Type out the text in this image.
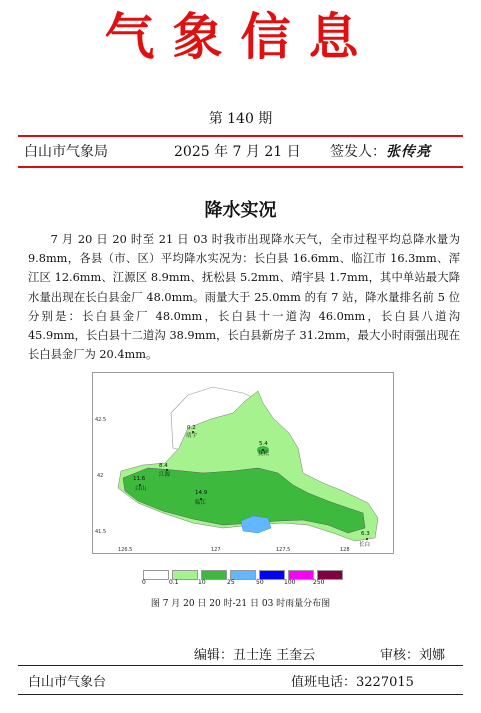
气象信息
第 140 期
白山市气象局	2025 年 7 月 21 日 签发人：张传亮
降水实况
7 月 20 日 20 时至 21 日 03 时我市出现降水天气，全市过程平均总降水量为 9.8mm，各县（市、区）平均降水实况为：长白县 16.6mm、临江市 16.3mm、浑江区 12.6mm、江源区 8.9mm、抚松县 5.2mm、靖宇县 1.7mm，其中单站最大降水量出现在长白县金厂 48.0mm。雨量大于 25.0mm 的有 7 站，降水量排名前 5 位分别是：长白县金厂 48.0mm，长白县十一道沟 46.0mm，长白县八道沟 45.9mm，长白县十二道沟 38.9mm，长白县新房子 31.2mm，最大小时雨强出现在长白县金厂为 20.4mm。
42.5
42
41.5
126.5	127	127.5	128
0.2
靖宇
5.4
抚松
8.4
江源
11.6
白山
14.9
临江
6.3
长白
0	0.1	10	25	50	100	250
图 7 月 20 日 20 时-21 日 03 时雨量分布图
编辑：丑士连 王奎云	审核：刘娜
白山市气象台	值班电话：3227015
